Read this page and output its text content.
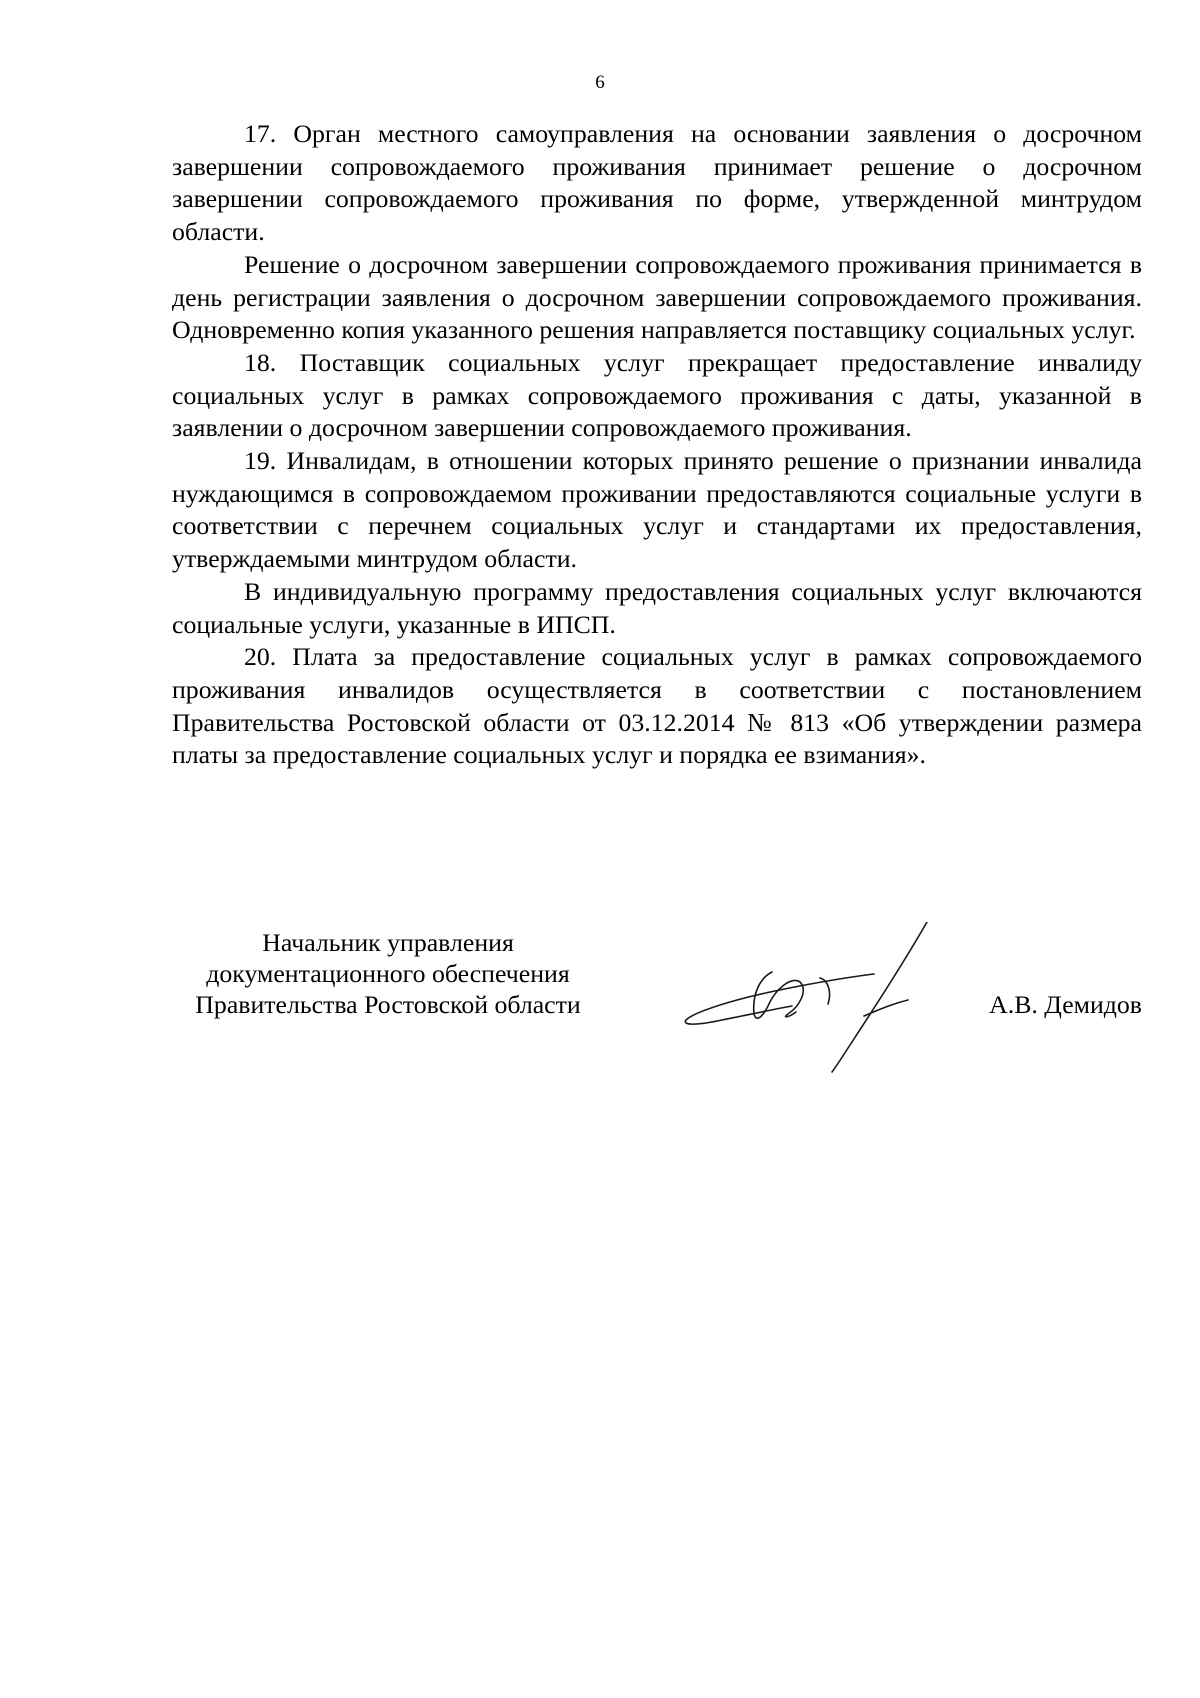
6

17. Орган местного самоуправления на основании заявления о досрочном завершении сопровождаемого проживания принимает решение о досрочном завершении сопровождаемого проживания по форме, утвержденной минтрудом области.

Решение о досрочном завершении сопровождаемого проживания принимается в день регистрации заявления о досрочном завершении сопровождаемого проживания. Одновременно копия указанного решения направляется поставщику социальных услуг.

18. Поставщик социальных услуг прекращает предоставление инвалиду социальных услуг в рамках сопровождаемого проживания с даты, указанной в заявлении о досрочном завершении сопровождаемого проживания.

19. Инвалидам, в отношении которых принято решение о признании инвалида нуждающимся в сопровождаемом проживании предоставляются социальные услуги в соответствии с перечнем социальных услуг и стандартами их предоставления, утверждаемыми минтрудом области.

В индивидуальную программу предоставления социальных услуг включаются социальные услуги, указанные в ИПСП.

20. Плата за предоставление социальных услуг в рамках сопровождаемого проживания инвалидов осуществляется в соответствии с постановлением Правительства Ростовской области от 03.12.2014 № 813 «Об утверждении размера платы за предоставление социальных услуг и порядка ее взимания».

Начальник управления
документационного обеспечения
Правительства Ростовской области	А.В. Демидов
